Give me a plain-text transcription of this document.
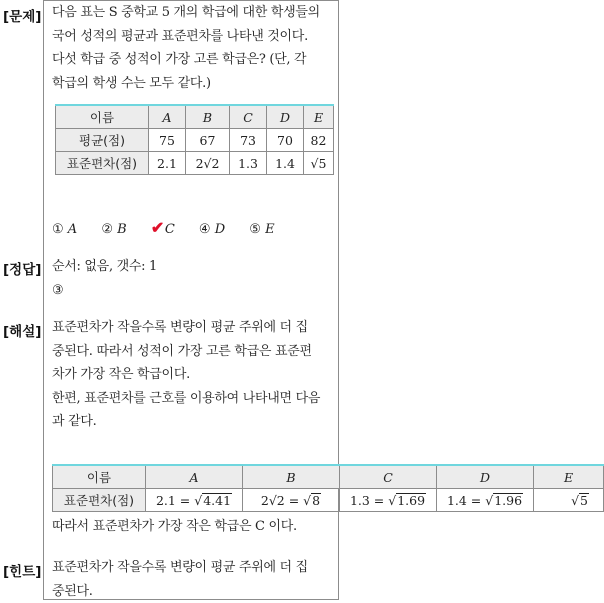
[문제]
[정답]
[해설]
[힌트]
다음 표는 S 중학교 5 개의 학급에 대한 학생들의
국어 성적의 평균과 표준편차를 나타낸 것이다.
다섯 학급 중 성적이 가장 고른 학급은? (단, 각
학급의 학생 수는 모두 같다.)
이름	A	B	C	D	E
평균(점)	75	67	73	70	82
표준편차(점)	2.1	2√2	1.3	1.4	√5
① A ② B ✔C ④ D ⑤ E
순서: 없음, 갯수: 1
③
표준편차가 작을수록 변량이 평균 주위에 더 집
중된다. 따라서 성적이 가장 고른 학급은 표준편
차가 가장 작은 학급이다.
한편, 표준편차를 근호를 이용하여 나타내면 다음
과 같다.
이름	A	B	C	D	E
표준편차(점)	2.1 = √4.41	2√2 = √8	1.3 = √1.69	1.4 = √1.96	√5
따라서 표준편차가 가장 작은 학급은 C 이다.
표준편차가 작을수록 변량이 평균 주위에 더 집
중된다.
